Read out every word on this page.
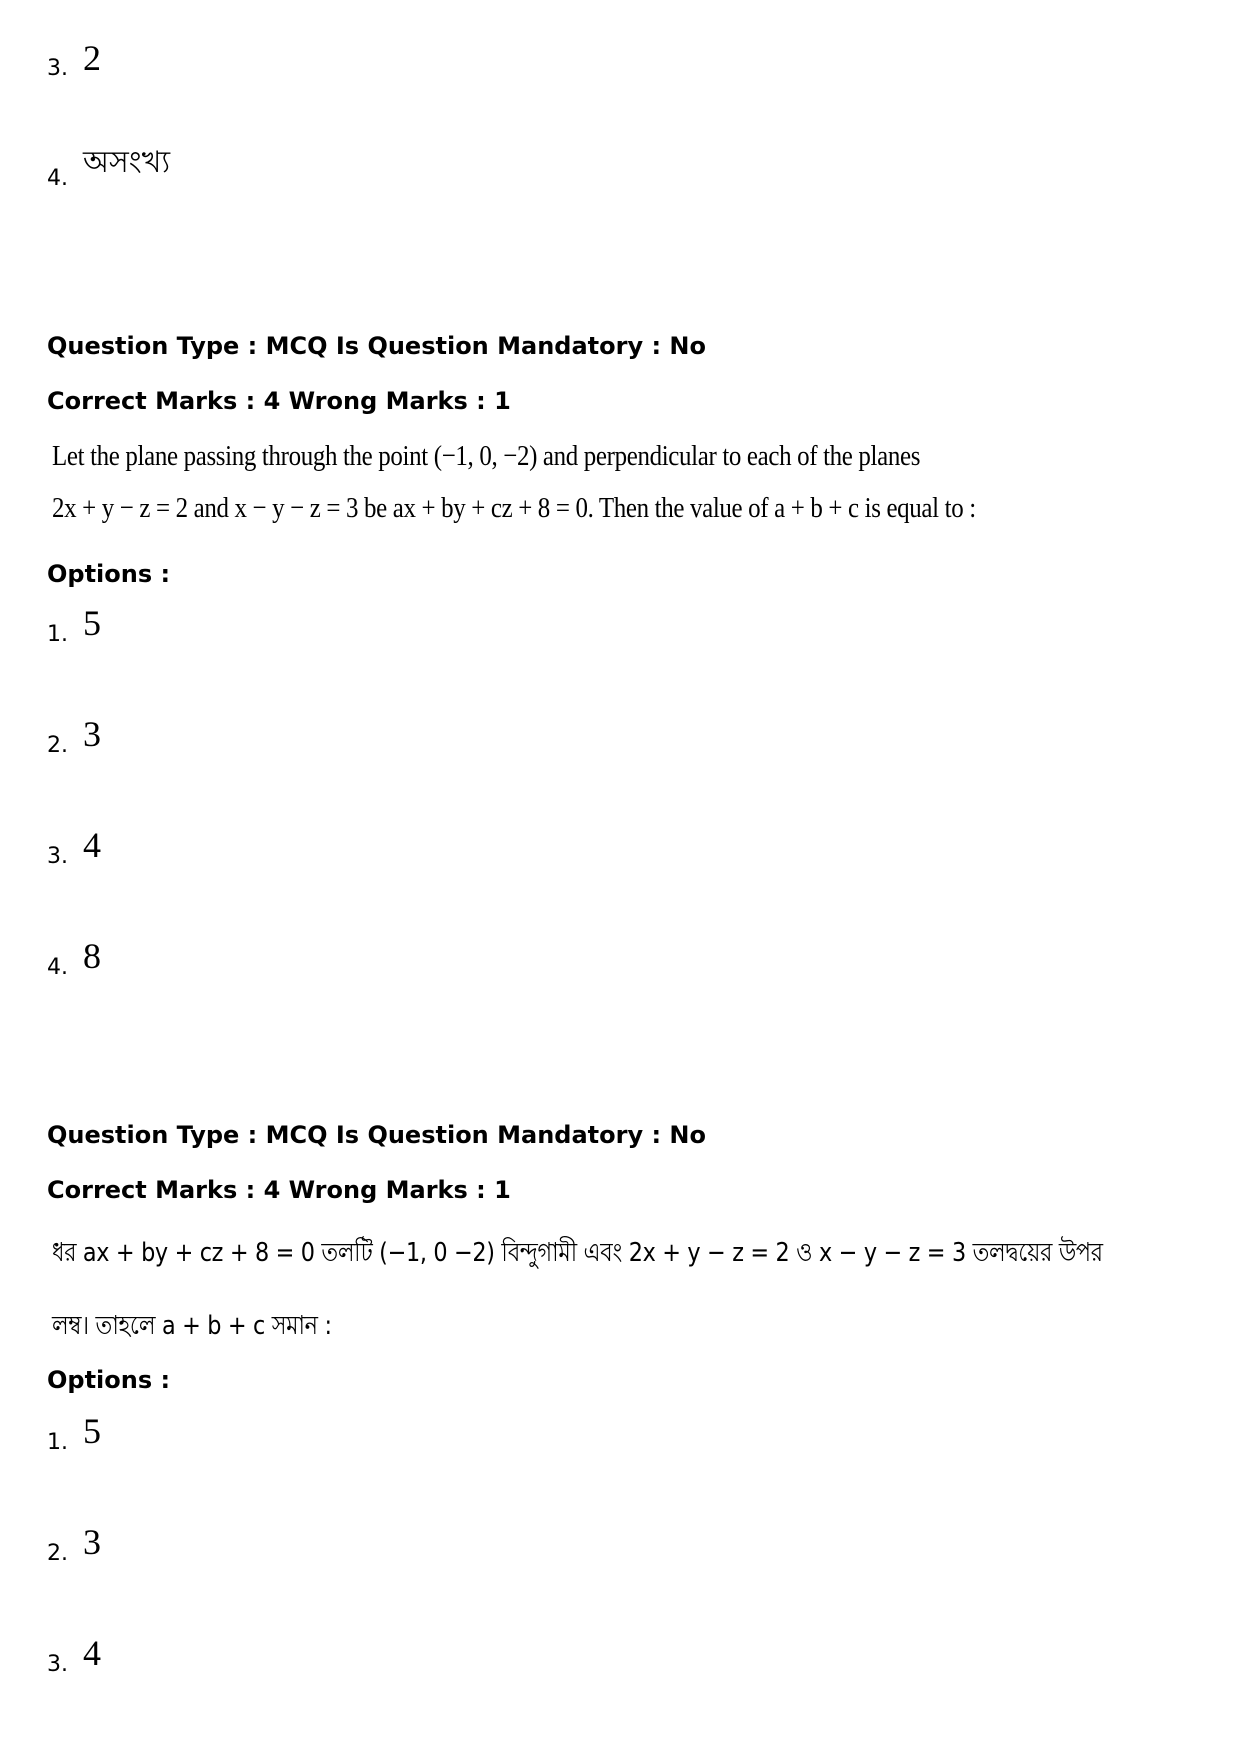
3. 2
4. অসংখ্য
Question Type : MCQ Is Question Mandatory : No
Correct Marks : 4 Wrong Marks : 1
Let the plane passing through the point (−1, 0, −2) and perpendicular to each of the planes
2x + y − z = 2 and x − y − z = 3 be ax + by + cz + 8 = 0. Then the value of a + b + c is equal to :
Options :
1. 5
2. 3
3. 4
4. 8
Question Type : MCQ Is Question Mandatory : No
Correct Marks : 4 Wrong Marks : 1
ধর ax + by + cz + 8 = 0 তলটি (−1, 0 −2) বিন্দুগামী এবং 2x + y − z = 2 ও x − y − z = 3 তলদ্বয়ের উপর
লম্ব। তাহলে a + b + c সমান :
Options :
1. 5
2. 3
3. 4
